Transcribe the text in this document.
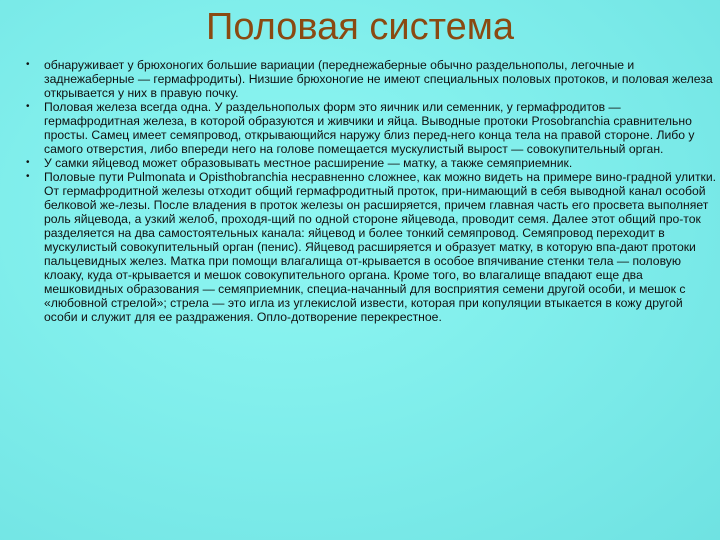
Половая система
•	обнаруживает у брюхоногих большие вариации (переднежаберные обычно раздельнополы, легочные и заднежаберные — гермафродиты). Низшие брюхоногие не имеют специальных половых протоков, и половая железа открывается у них в правую почку.
•	Половая железа всегда одна. У раздельнополых форм это яичник или семенник, у гермафродитов — гермафродитная железа, в которой образуются и живчики и яйца. Выводные протоки Prosobranchia сравнительно просты. Самец имеет семяпровод, открывающийся наружу близ перед-него конца тела на правой стороне. Либо у самого отверстия, либо впереди него на голове помещается мускулистый вырост — совокупительный орган.
•	У самки яйцевод может образовывать местное расширение — матку, а также семяприемник.
•	Половые пути Pulmonata и Opisthobranchia несравненно сложнее, как можно видеть на примере вино-градной улитки. От гермафродитной железы отходит общий гермафродитный проток, при-нимающий в себя выводной канал особой белковой же-лезы. После владения в проток железы он расширяется, причем главная часть его просвета выполняет роль яйцевода, а узкий желоб, проходя-щий по одной стороне яйцевода, проводит семя. Далее этот общий про-ток разделяется на два самостоятельных канала: яйцевод и более тонкий семяпровод. Семяпровод переходит в мускулистый совокупительный орган (пенис). Яйцевод расширяется и образует матку, в которую впа-дают протоки пальцевидных желез. Матка при помощи влагалища от-крывается в особое впячивание стенки тела — половую клоаку, куда от-крывается и мешок совокупительного органа. Кроме того, во влагалище впадают еще два мешковидных образования — семяприемник, специа-начанный для восприятия семени другой особи, и мешок с «любовной стрелой»; стрела — это игла из углекислой извести, которая при копуляции втыкается в кожу другой особи и служит для ее раздражения. Опло-дотворение перекрестное.
